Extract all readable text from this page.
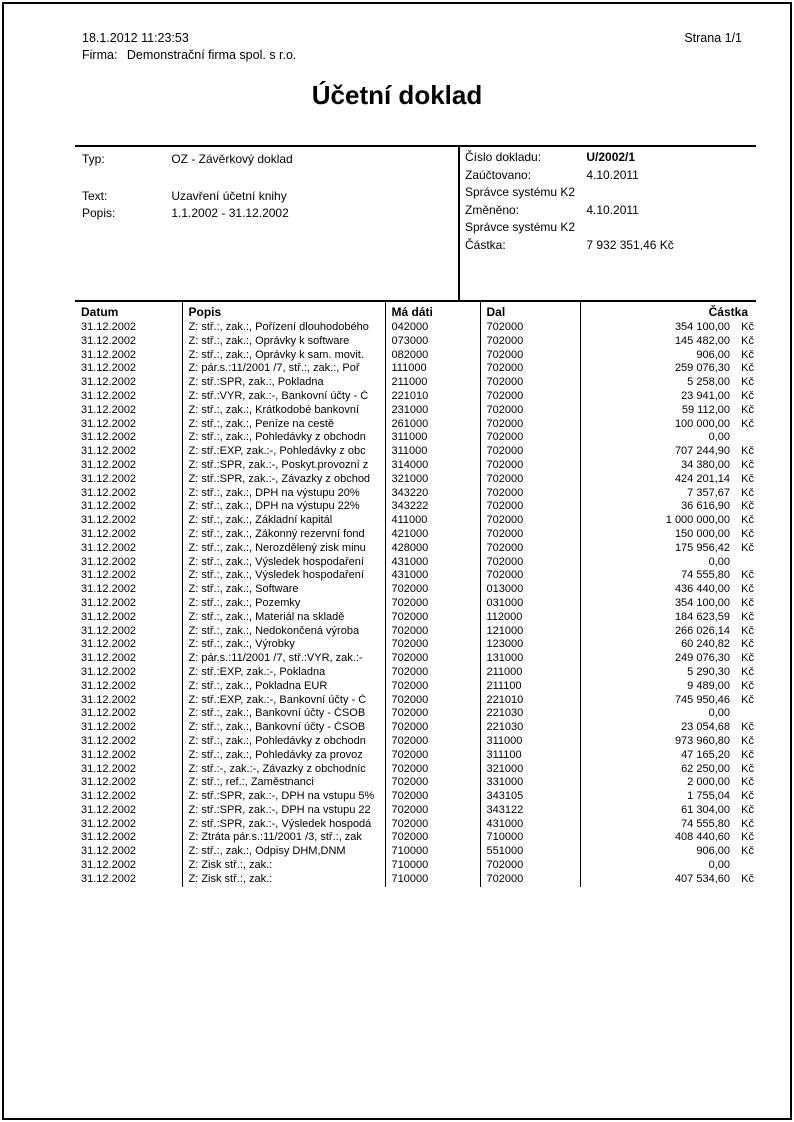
18.1.2012 11:23:53
Firma: Demonstrační firma spol. s r.o.
Strana 1/1
Účetní doklad
Typ:	OZ - Závěrkový doklad
Text:	Uzavření účetní knihy
Popis:	1.1.2002 - 31.12.2002
Číslo dokladu:	U/2002/1
Zaúčtovano:	4.10.2011
Správce systému K2
Změněno:	4.10.2011
Správce systému K2
Částka:	7 932 351,46 Kč
Datum	Popis	Má dáti	Dal	Částka
31.12.2002	Z: stř.:, zak.:, Pořízení dlouhodobého	042000	702000	354 100,00 Kč

31.12.2002	Z: stř.:, zak.:, Oprávky k software	073000	702000	145 482,00 Kč

31.12.2002	Z: stř.:, zak.:, Oprávky k sam. movit.	082000	702000	906,00 Kč

31.12.2002	Z: pár.s.:11/2001 /7, stř.:, zak.:, Poř	111000	702000	259 076,30 Kč

31.12.2002	Z: stř.:SPR, zak.:, Pokladna	211000	702000	5 258,00 Kč

31.12.2002	Z: stř.:VYR, zak.:-, Bankovní účty - Č	221010	702000	23 941,00 Kč

31.12.2002	Z: stř.:, zak.:, Krátkodobé bankovní	231000	702000	59 112,00 Kč

31.12.2002	Z: stř.:, zak.:, Peníze na cestě	261000	702000	100 000,00 Kč

31.12.2002	Z: stř.:, zak.:, Pohledávky z obchodn	311000	702000	0,00

31.12.2002	Z: stř.:EXP, zak.:-, Pohledávky z obc	311000	702000	707 244,90 Kč

31.12.2002	Z: stř.:SPR, zak.:-, Poskyt.provozní z	314000	702000	34 380,00 Kč

31.12.2002	Z: stř.:SPR, zak.:-, Závazky z obchod	321000	702000	424 201,14 Kč

31.12.2002	Z: stř.:, zak.:, DPH na výstupu 20%	343220	702000	7 357,67 Kč

31.12.2002	Z: stř.:, zak.:, DPH na výstupu 22%	343222	702000	36 616,90 Kč

31.12.2002	Z: stř.:, zak.:, Základní kapitál	411000	702000	1 000 000,00 Kč

31.12.2002	Z: stř.:, zak.:, Zákonný rezervní fond	421000	702000	150 000,00 Kč

31.12.2002	Z: stř.:, zak.:, Nerozdělený zisk minu	428000	702000	175 956,42 Kč

31.12.2002	Z: stř.:, zak.:, Výsledek hospodaření	431000	702000	0,00

31.12.2002	Z: stř.:, zak.:, Výsledek hospodaření	431000	702000	74 555,80 Kč

31.12.2002	Z: stř.:, zak.:, Software	702000	013000	436 440,00 Kč

31.12.2002	Z: stř.:, zak.:, Pozemky	702000	031000	354 100,00 Kč

31.12.2002	Z: stř.:, zak.:, Materiál na skladě	702000	112000	184 623,59 Kč

31.12.2002	Z: stř.:, zak.:, Nedokončená výroba	702000	121000	266 026,14 Kč

31.12.2002	Z: stř.:, zak.:, Výrobky	702000	123000	60 240,82 Kč

31.12.2002	Z: pár.s.:11/2001 /7, stř.:VYR, zak.:-	702000	131000	249 076,30 Kč

31.12.2002	Z: stř.:EXP, zak.:-, Pokladna	702000	211000	5 290,30 Kč

31.12.2002	Z: stř.:, zak.:, Pokladna EUR	702000	211100	9 489,00 Kč

31.12.2002	Z: stř.:EXP, zak.:-, Bankovní účty - Č	702000	221010	745 950,46 Kč

31.12.2002	Z: stř.:, zak.:, Bankovní účty - ČSOB	702000	221030	0,00

31.12.2002	Z: stř.:, zak.:, Bankovní účty - ČSOB	702000	221030	23 054,68 Kč

31.12.2002	Z: stř.:, zak.:, Pohledávky z obchodn	702000	311000	973 960,80 Kč

31.12.2002	Z: stř.:, zak.:, Pohledávky za provoz	702000	311100	47 165,20 Kč

31.12.2002	Z: stř.:-, zak.:-, Závazky z obchodníc	702000	321000	62 250,00 Kč

31.12.2002	Z: stř.:, ref.:, Zaměstnanci	702000	331000	2 000,00 Kč

31.12.2002	Z: stř.:SPR, zak.:-, DPH na vstupu 5%	702000	343105	1 755,04 Kč

31.12.2002	Z: stř.:SPR, zak.:-, DPH na vstupu 22	702000	343122	61 304,00 Kč

31.12.2002	Z: stř.:SPR, zak.:-, Výsledek hospodá	702000	431000	74 555,80 Kč

31.12.2002	Z: Ztráta pár.s.:11/2001 /3, stř.:, zak	702000	710000	408 440,60 Kč

31.12.2002	Z: stř.:, zak.:, Odpisy DHM,DNM	710000	551000	906,00 Kč

31.12.2002	Z: Zisk stř.:, zak.:	710000	702000	0,00

31.12.2002	Z: Zisk stř.:, zak.:	710000	702000	407 534,60 Kč
